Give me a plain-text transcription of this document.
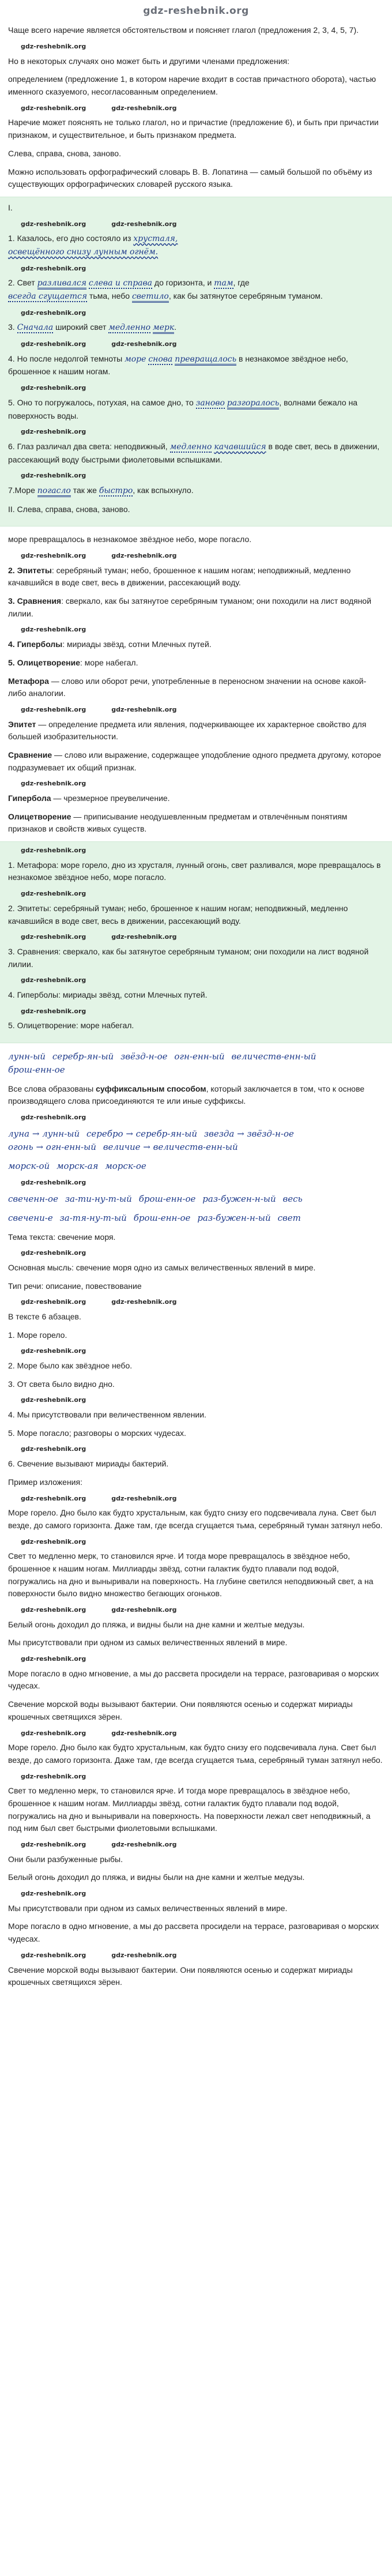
gdz-reshebnik.org

Чаще всего наречие является обстоятельством и поясняет глагол (предложения 2, 3, 4, 5, 7).

gdz-reshebnik.org

Но в некоторых случаях оно может быть и другими членами предложения:

определением (предложение 1, в котором наречие входит в состав причастного оборота), частью именного сказуемого, несогласованным определением.

gdz-reshebnik.org	gdz-reshebnik.org

Наречие может пояснять не только глагол, но и причастие (предложение 6), и быть при причастии признаком, и существительное, и быть признаком предмета.

Слева, справа, снова, заново.

Можно использовать орфографический словарь В. В. Лопатина — самый большой по объёму из существующих орфографических словарей русского языка.

I.

gdz-reshebnik.org	gdz-reshebnik.org

1. Казалось, его дно состояло из хрусталя,
освещённого снизу лунным огнём.

gdz-reshebnik.org

2. Свет разливался слева и справа до горизонта, и там, где
всегда сгущается тьма, небо светило, как бы затянутое серебряным туманом.

gdz-reshebnik.org

3. Сначала широкий свет медленно мерк.

gdz-reshebnik.org	gdz-reshebnik.org

4. Но после недолгой темноты море снова превращалось в незнакомое звёздное небо, брошенное к нашим ногам.

gdz-reshebnik.org

5. Оно то погружалось, потухая, на самое дно, то заново разгоралось, волнами бежало на поверхность воды.

gdz-reshebnik.org

6. Глаз различал два света: неподвижный, медленно качавшийся в воде свет, весь в движении, рассекающий воду быстрыми фиолетовыми вспышками.

gdz-reshebnik.org

7.Море погасло так же быстро, как вспыхнуло.

II. Слева, справа, снова, заново.

море превращалось в незнакомое звёздное небо, море погасло.

gdz-reshebnik.org	gdz-reshebnik.org

2. Эпитеты: серебряный туман; небо, брошенное к нашим ногам; неподвижный, медленно качавшийся в воде свет, весь в движении, рассекающий воду.

3. Сравнения: сверкало, как бы затянутое серебряным туманом; они походили на лист водяной лилии.

gdz-reshebnik.org

4. Гиперболы: мириады звёзд, сотни Млечных путей.

5. Олицетворение: море набегал.

Метафора — слово или оборот речи, употребленные в переносном значении на основе какой-либо аналогии.

gdz-reshebnik.org	gdz-reshebnik.org

Эпитет — определение предмета или явления, подчеркивающее их характерное свойство для большей изобразительности.

Сравнение — слово или выражение, содержащее уподобление одного предмета другому, которое подразумевает их общий признак.

gdz-reshebnik.org

Гипербола — чрезмерное преувеличение.

Олицетворение — приписывание неодушевленным предметам и отвлечённым понятиям признаков и свойств живых существ.

gdz-reshebnik.org

1. Метафора: море горело, дно из хрусталя, лунный огонь, свет разливался, море превращалось в незнакомое звёздное небо, море погасло.

gdz-reshebnik.org

2. Эпитеты: серебряный туман; небо, брошенное к нашим ногам; неподвижный, медленно качавшийся в воде свет, весь в движении, рассекающий воду.

gdz-reshebnik.org	gdz-reshebnik.org

3. Сравнения: сверкало, как бы затянутое серебряным туманом; они походили на лист водяной лилии.

gdz-reshebnik.org

4. Гиперболы: мириады звёзд, сотни Млечных путей.

gdz-reshebnik.org

5. Олицетворение: море набегал.

лунн-ый серебр-ян-ый звёзд-н-ое огн-енн-ый величеств-енн-ый брош-енн-ое

Все слова образованы суффиксальным способом, который заключается в том, что к основе производящего слова присоединяются те или иные суффиксы.

gdz-reshebnik.org
луна → лунн-ый серебро → серебр-ян-ый звезда → звёзд-н-ое огонь → огн-енн-ый величие → величеств-енн-ый
морск-ой морск-ая морск-ое
gdz-reshebnik.org
свеченн-ое за-ти-ну-т-ый брош-енн-ое раз-бужен-н-ый весь
свечени-е за-тя-ну-т-ый брош-енн-ое раз-бужен-н-ый свет

Тема текста: свечение моря.

gdz-reshebnik.org

Основная мысль: свечение моря одно из самых величественных явлений в мире.

Тип речи: описание, повествование

gdz-reshebnik.org	gdz-reshebnik.org

В тексте 6 абзацев.

1. Море горело.

gdz-reshebnik.org

2. Море было как звёздное небо.

3. От света было видно дно.

gdz-reshebnik.org

4. Мы присутствовали при величественном явлении.

5. Море погасло; разговоры о морских чудесах.

gdz-reshebnik.org

6. Свечение вызывают мириады бактерий.

Пример изложения:

gdz-reshebnik.org	gdz-reshebnik.org

Море горело. Дно было как будто хрустальным, как будто снизу его подсвечивала луна. Свет был везде, до самого горизонта. Даже там, где всегда сгущается тьма, серебряный туман затянул небо.

gdz-reshebnik.org

Свет то медленно мерк, то становился ярче. И тогда море превращалось в звёздное небо, брошенное к нашим ногам. Миллиарды звёзд, сотни галактик будто плавали под водой, погружались на дно и выныривали на поверхность. На глубине светился неподвижный свет, а на поверхности было видно множество бегающих огоньков.

gdz-reshebnik.org	gdz-reshebnik.org

Белый огонь доходил до пляжа, и видны были на дне камни и желтые медузы.

Мы присутствовали при одном из самых величественных явлений в мире.

gdz-reshebnik.org

Море погасло в одно мгновение, а мы до рассвета просидели на террасе, разговаривая о морских чудесах.

Свечение морской воды вызывают бактерии. Они появляются осенью и содержат мириады крошечных светящихся зёрен.

gdz-reshebnik.org	gdz-reshebnik.org

Море горело. Дно было как будто хрустальным, как будто снизу его подсвечивала луна. Свет был везде, до самого горизонта. Даже там, где всегда сгущается тьма, серебряный туман затянул небо.

gdz-reshebnik.org

Свет то медленно мерк, то становился ярче. И тогда море превращалось в звёздное небо, брошенное к нашим ногам. Миллиарды звёзд, сотни галактик будто плавали под водой, погружались на дно и выныривали на поверхность. На поверхности лежал свет неподвижный, а под ним был свет быстрыми фиолетовыми вспышками.

gdz-reshebnik.org	gdz-reshebnik.org

Они были разбуженные рыбы.

Белый огонь доходил до пляжа, и видны были на дне камни и желтые медузы.

gdz-reshebnik.org

Мы присутствовали при одном из самых величественных явлений в мире.

Море погасло в одно мгновение, а мы до рассвета просидели на террасе, разговаривая о морских чудесах.

gdz-reshebnik.org	gdz-reshebnik.org

Свечение морской воды вызывают бактерии. Они появляются осенью и содержат мириады крошечных светящихся зёрен.
